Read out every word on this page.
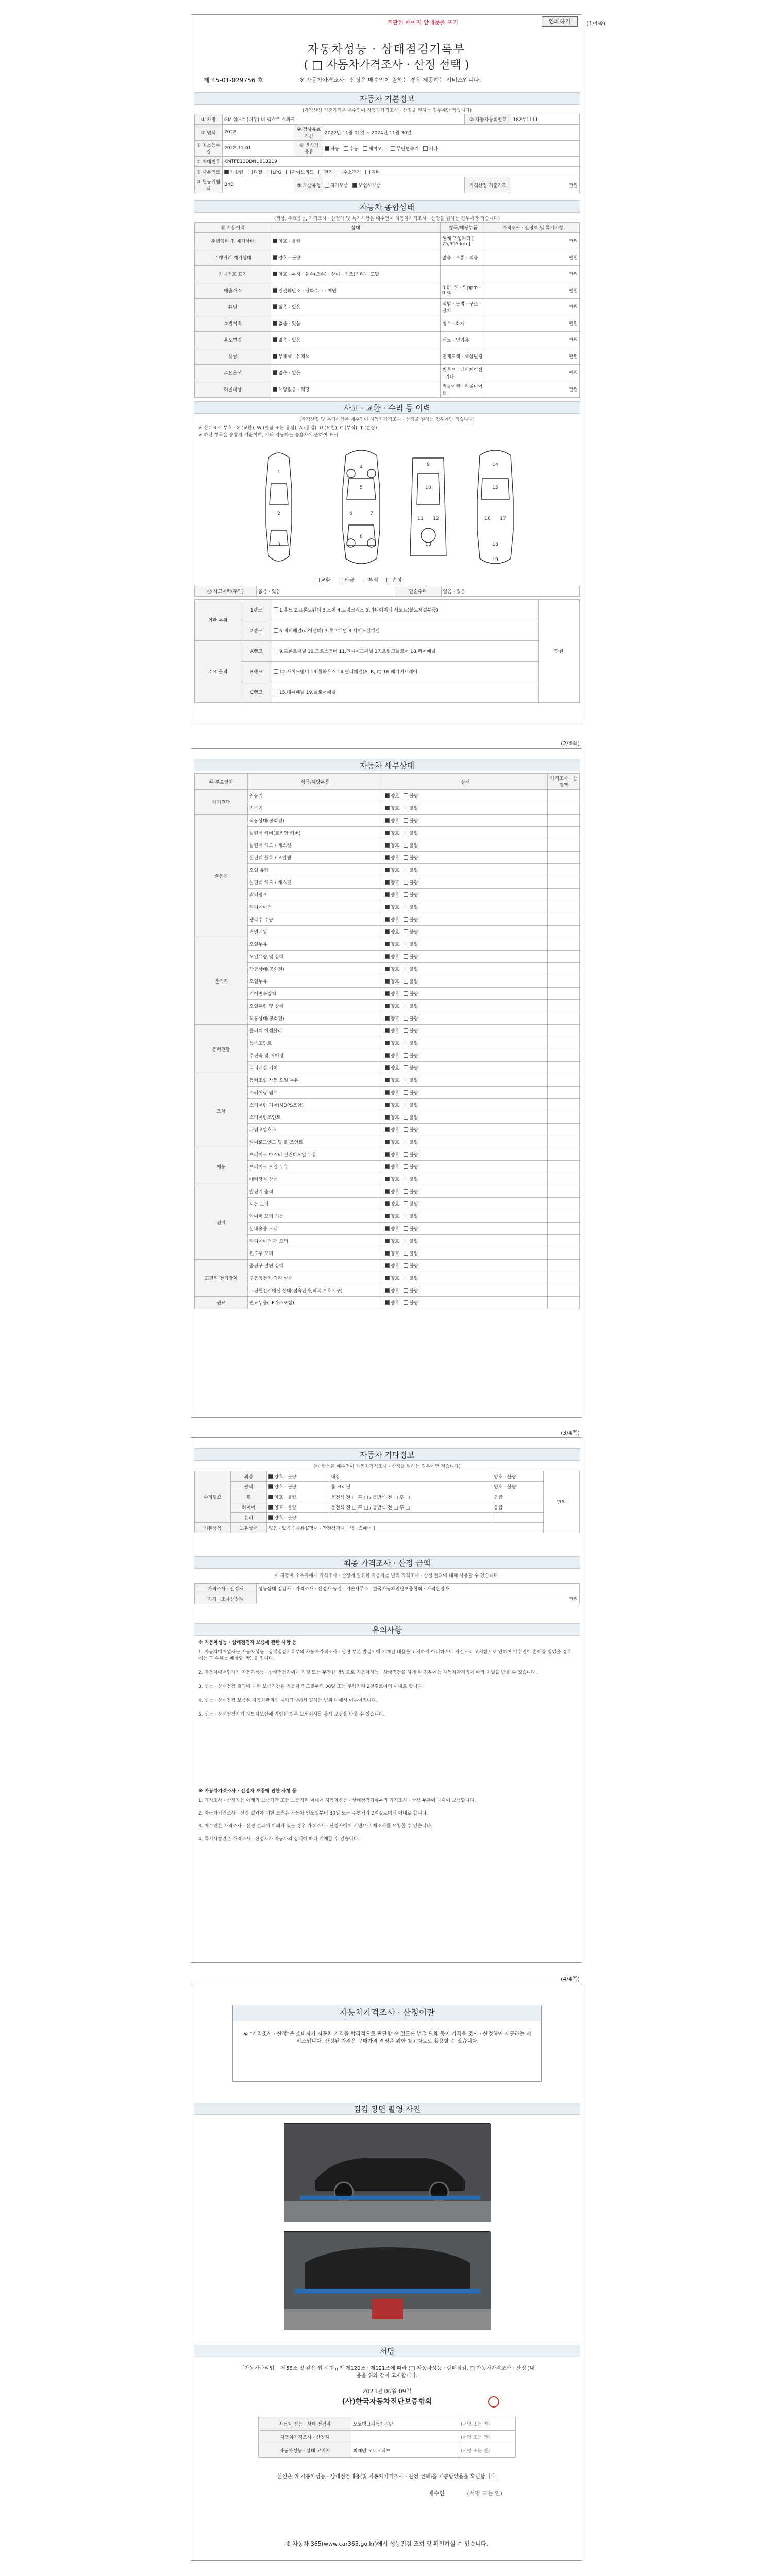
조판된 페이지 안내문을 포기	인쇄하기	(1/4쪽)
자동차성능 · 상태점검기록부
( □ 자동차가격조사 · 산정 선택 )
제 45-01-029756 호	※ 자동차가격조사 · 산정은 매수인이 원하는 경우 제공하는 서비스입니다.
자동차 기본정보
(가격산정 기준가격은 매수인이 자동차가격조사 · 산정을 원하는 경우에만 적습니다)
① 차명	GM 쉐보레(대우) 더 넥스트 스파크			② 자동차등록번호	182무1111
③ 연식	2022	④ 검사유효기간	2022년 11월 01일 ~ 2024년 11월 30일		
⑤ 최초등록일	2022-11-01	⑥ 변속기 종류	자동 수동 세미오토 무단변속기 기타		
⑦ 차대번호	KMTFE11DDNU013219				
⑧ 사용연료	가솔린 디젤 LPG 하이브리드 전기 수소전기 기타				
⑩ 원동기형식	B4D	⑨ 보증유형	자가보증 보험사보증	가격산정 기준가격	만원
자동차 종합상태
(색상, 주요옵션, 가격조사 · 산정액 및 특기사항은 매수인이 자동차가격조사 · 산정을 원하는 경우에만 적습니다)
⑪ 사용이력	상태	항목/해당부품	가격조사 · 산정액 및 특기사항
주행거리 및 계기상태	양호 · 불량	현재 주행거리 [ 75,995 km ]	만원
주행거리 계기상태	양호 · 불량	많음 · 보통 · 적음	만원
차대번호 표기	양호 · 부식 · 훼손(오손) · 상이 · 변조(변타) · 도말		만원
배출가스	일산화탄소 · 탄화수소 · 매연	0.01 % · 5 ppm · 0 %	만원
튜닝	없음 · 있음	적법 · 불법 · 구조 · 장치	만원
특별이력	없음 · 있음	침수 · 화재	만원
용도변경	없음 · 있음	렌트 · 영업용	만원
색상	무채색 · 유채색	전체도색 · 색상변경	만원
주요옵션	없음 · 있음	썬루프 · 네비게이션 · 기타	만원
리콜대상	해당없음 · 해당	리콜이행 · 리콜미이행	만원
사고 · 교환 · 수리 등 이력
(가격산정 및 특기사항은 매수인이 자동차가격조사 · 산정을 원하는 경우에만 적습니다)
※ 상태표시 부호 : X (교환), W (판금 또는 용접), A (흠집), U (요철), C (부식), T (손상)
※ 하단 항목은 승용차 기준이며, 기타 자동차는 승용차에 준하여 표시
1
2
3
4
5
6	7
8
9
10
11 12
13
14
15
16 17
18
19
교환	판금	부식	손상
⑫ 사고이력(주의)	없음 · 있음	단순수리	없음 · 있음
외판 부위	1랭크	1.후드 2.프론트휀더 3.도어 4.트렁크리드 5.라디에이터 서포트(볼트체결부품)	만원
	2랭크	6.쿼터패널(리어펜더) 7.루프패널 8.사이드실패널	
주요 골격	A랭크	9.프론트패널 10.크로스멤버 11.인사이드패널 17.트렁크플로어 18.리어패널	
	B랭크	12.사이드멤버 13.휠하우스 14.필러패널(A, B, C) 16.패키지트레이	
	C랭크	15.대쉬패널 19.플로어패널	
(2/4쪽)
자동차 세부상태
⑭ 주요장치	항목/해당부품	상태	가격조사 · 산정액
자기진단	원동기	양호   불량	
	변속기	양호   불량	
원동기	작동상태(공회전)	양호   불량	
	실린더 커버(로커암 커버)	양호   불량	
	실린더 헤드 / 개스킷	양호   불량	
	실린더 블록 / 오일팬	양호   불량	
	오일 유량	양호   불량	
	실린더 헤드 / 개스킷	양호   불량	
	워터펌프	양호   불량	
	라디에이터	양호   불량	
	냉각수 수량	양호   불량	
	커먼레일	양호   불량	
변속기	오일누유	양호   불량	
	오일유량 및 상태	양호   불량	
	작동상태(공회전)	양호   불량	
	오일누유	양호   불량	
	기어변속장치	양호   불량	
	오일유량 및 상태	양호   불량	
	작동상태(공회전)	양호   불량	
동력전달	클러치 어셈블리	양호   불량	
	등속조인트	양호   불량	
	추진축 및 베어링	양호   불량	
	디퍼렌셜 기어	양호   불량	
조향	동력조향 작동 오일 누유	양호   불량	
	스티어링 펌프	양호   불량	
	스티어링 기어(MDPS포함)	양호   불량	
	스티어링조인트	양호   불량	
	파워고압호스	양호   불량	
	타이로드엔드 및 볼 조인트	양호   불량	
제동	브레이크 마스터 실린더오일 누유	양호   불량	
	브레이크 오일 누유	양호   불량	
	배력장치 상태	양호   불량	
전기	발전기 출력	양호   불량	
	시동 모터	양호   불량	
	와이퍼 모터 기능	양호   불량	
	실내송풍 모터	양호   불량	
	라디에이터 팬 모터	양호   불량	
	윈도우 모터	양호   불량	
고전원 전기장치	충전구 절연 상태	양호   불량	
	구동축전지 격리 상태	양호   불량	
	고전원전기배선 상태(접속단자,피복,보호기구)	양호   불량	
연료	연료누출(LP가스포함)	양호   불량	
(3/4쪽)
자동차 기타정보
(⑮ 항목은 매수인이 자동차가격조사 · 산정을 원하는 경우에만 적습니다)
수리필요	외장	양호 · 불량	내장	양호 · 불량	만원
	광택	양호 · 불량	룸 크리닝	양호 · 불량	
	휠	양호 · 불량	운전석 전 □ 후 □ / 동반석 전 □ 후 □	응급	
	타이어	양호 · 불량	운전석 전 □ 후 □ / 동반석 전 □ 후 □	응급	
	유리	양호 · 불량			
기본품목	보유상태	없음 · 있음 [ 사용설명서 · 안전삼각대 · 잭 · 스패너 ]			
최종 가격조사 · 산정 금액
이 자동차 소유자에게 가격조사 · 산정에 필요한 자동차를 빌려 가격조사 · 산정 결과에 대해 사용할 수 있습니다.
가격조사 · 산정자	성능상태 점검자 · 가격조사 · 산정자 동일 · 기술사무소 · 한국자동차진단보증협회 · 가격산정자
가격 · 조사산정자	만원
유의사항
※ 자동차성능 · 상태점검자 보증에 관한 사항 등
1. 자동차매매업자는 자동차성능 · 상태점검기록부의 자동차가격조사 · 산정 부분 발급시에 기재된 내용을 고지하지 아니하거나 거짓으로 고지함으로 인하여 매수인이 손해를 입었을 경우에는 그 손해를 배상할 책임을 집니다.
2. 자동차매매업자가 자동차성능 · 상태점검자에게 거짓 또는 부정한 방법으로 자동차성능 · 상태점검을 하게 한 경우에는 자동차관리법에 따라 처벌을 받을 수 있습니다.
3. 성능 · 상태점검 결과에 대한 보증기간은 자동차 인도일부터 30일 또는 주행거리 2천킬로미터 이내로 합니다.
4. 성능 · 상태점검 보증은 자동차관리법 시행규칙에서 정하는 범위 내에서 이루어집니다.
5. 성능 · 상태점검자가 자동차보험에 가입한 경우 보험회사를 통해 보상을 받을 수 있습니다.
※ 자동차가격조사 · 산정자 보증에 관한 사항 등
1. 가격조사 · 산정자는 아래의 보증기간 또는 보증거리 이내에 자동차성능 · 상태점검기록부의 가격조사 · 산정 부분에 대하여 보증합니다.
2. 자동차가격조사 · 산정 결과에 대한 보증은 자동차 인도일부터 30일 또는 주행거리 2천킬로미터 이내로 합니다.
3. 매수인은 가격조사 · 산정 결과에 이의가 있는 경우 가격조사 · 산정자에게 서면으로 재조사를 요청할 수 있습니다.
4. 특기사항란은 가격조사 · 산정자가 자동차의 상태에 따라 기재할 수 있습니다.
(4/4쪽)
자동차가격조사 · 산정이란
※ "가격조사 · 산정"은 소비자가 자동차 가격을 합리적으로 판단할 수 있도록 법정 단체 등이 가격을 조사 · 산정하여 제공하는 서비스입니다. 산정된 가격은 구매가격 결정을 위한 참고자료로 활용할 수 있습니다.
점검 장면 촬영 사진
서명
「자동차관리법」 제58조 및 같은 법 시행규칙 제120조 · 제121조에 따라 (□ 자동차성능 · 상태점검, □ 자동차가격조사 · 산정 )내용을 위와 같이 고지합니다.
2023년 06월 09일
(사)한국자동차진단보증협회
자동차 성능 · 상태 점검자	오토뱅크자동차진단	(서명 또는 인)
자동차가격조사 · 산정자		(서명 또는 인)
자동차성능 · 상태 고지자	최재민 오토모티브	(서명 또는 인)
본인은 위 자동차성능 · 상태점검내용(및 자동차가격조사 · 산정 선택)을 제공받았음을 확인합니다.
매수인	(서명 또는 인)
※ 자동차 365(www.car365.go.kr)에서 성능점검 조회 및 확인하실 수 있습니다.
